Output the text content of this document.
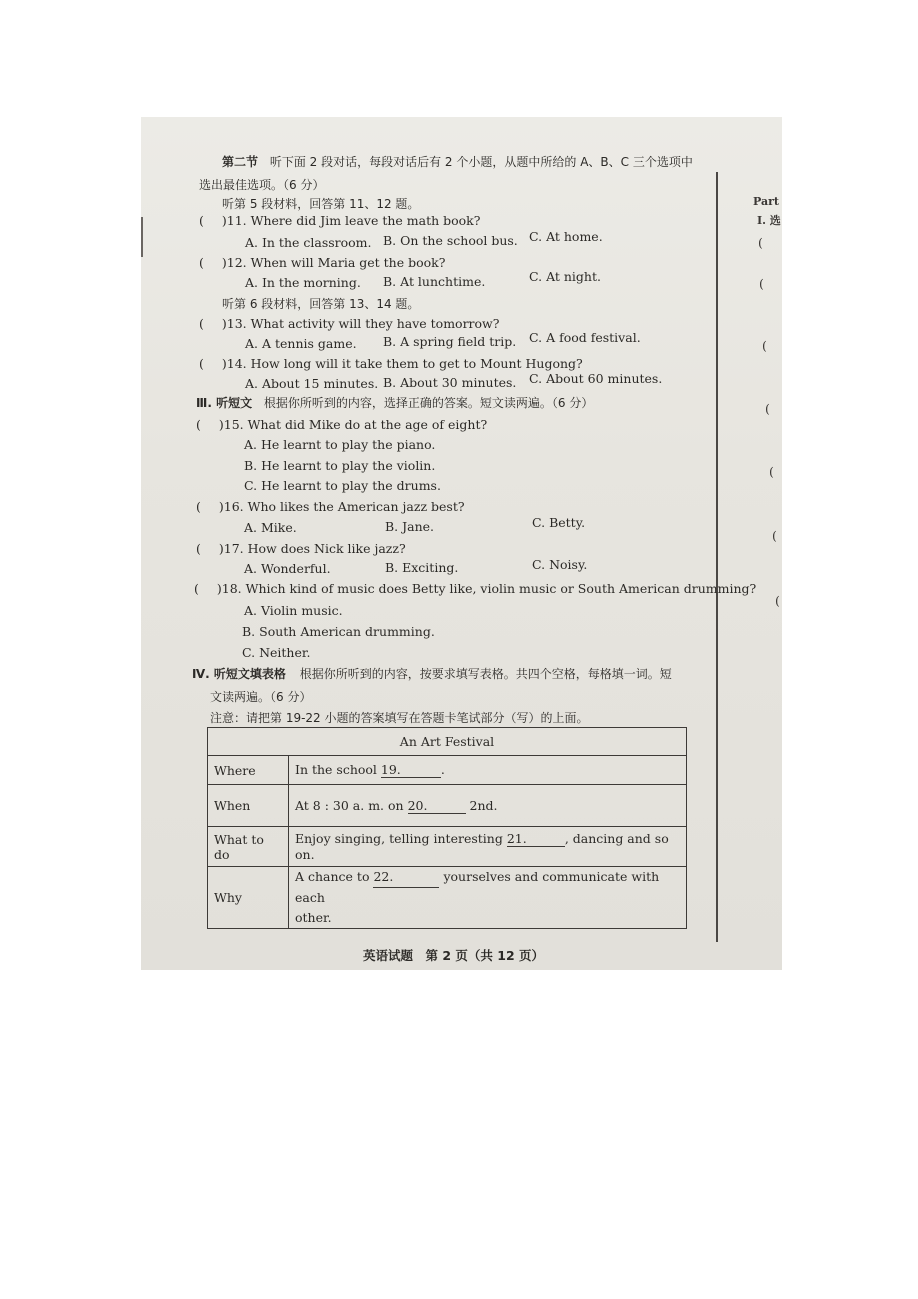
第二节 听下面 2 段对话，每段对话后有 2 个小题，从题中所给的 A、B、C 三个选项中
选出最佳选项。（6 分）
听第 5 段材料，回答第 11、12 题。
( )11. Where did Jim leave the math book?
A. In the classroom. B. On the school bus. C. At home.
( )12. When will Maria get the book?
A. In the morning. B. At lunchtime.	C. At night.
听第 6 段材料，回答第 13、14 题。
( )13. What activity will they have tomorrow?
A. A tennis game. B. A spring field trip. C. A food festival.
( )14. How long will it take them to get to Mount Hugong?
A. About 15 minutes. B. About 30 minutes. C. About 60 minutes.
Ⅲ. 听短文 根据你所听到的内容，选择正确的答案。短文读两遍。（6 分）
( )15. What did Mike do at the age of eight?
A. He learnt to play the piano.
B. He learnt to play the violin.
C. He learnt to play the drums.
( )16. Who likes the American jazz best?
A. Mike.	B. Jane.	C. Betty.
( )17. How does Nick like jazz?
A. Wonderful.	B. Exciting.	C. Noisy.
( )18. Which kind of music does Betty like, violin music or South American drumming?
A. Violin music.
B. South American drumming.
C. Neither.
Ⅳ. 听短文填表格 根据你所听到的内容，按要求填写表格。共四个空格，每格填一词。短
文读两遍。（6 分）
注意：请把第 19-22 小题的答案填写在答题卡笔试部分（写）的上面。
An Art Festival	
Where	In the school 19. .
When	At 8 : 30 a. m. on 20. 2nd.
What to do	Enjoy singing, telling interesting 21. , dancing and so on.
Why	A chance to 22. yourselves and communicate with each
other.
英语试题　第 2 页（共 12 页）
Part
Ⅰ. 选
(
(
(
(
(
(
(
